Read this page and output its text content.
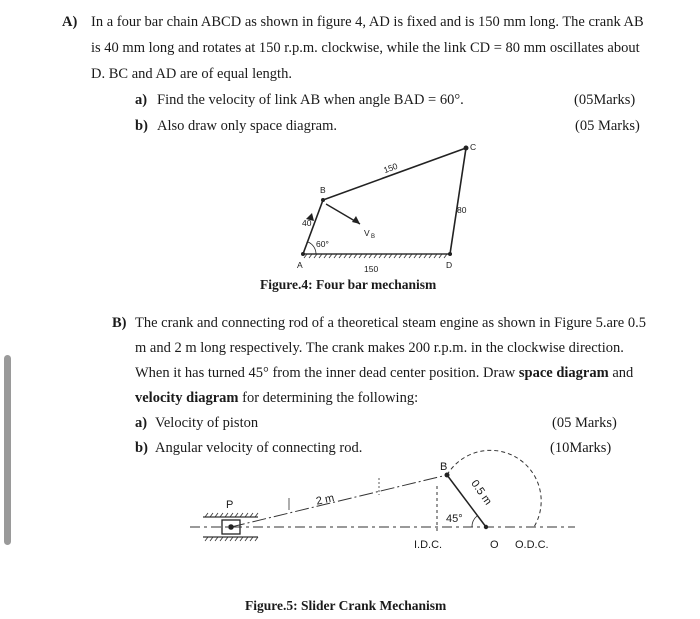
A) In a four bar chain ABCD as shown in figure 4, AD is fixed and is 150 mm long. The crank AB
is 40 mm long and rotates at 150 r.p.m. clockwise, while the link CD = 80 mm oscillates about
D. BC and AD are of equal length.
a) Find the velocity of link AB when angle BAD = 60°.	(05Marks)
b) Also draw only space diagram.	(05 Marks)
A
B
C
D
150
40
80
150
60°
V B
Figure.4: Four bar mechanism
B) The crank and connecting rod of a theoretical steam engine as shown in Figure 5.are 0.5
m and 2 m long respectively. The crank makes 200 r.p.m. in the clockwise direction.
When it has turned 45° from the inner dead center position. Draw space diagram and
velocity diagram for determining the following:
a) Velocity of piston	(05 Marks)
b) Angular velocity of connecting rod.	(10Marks)
P
B
2 m	0.5 m
45°
I.D.C.	O O.D.C.
Figure.5: Slider Crank Mechanism
